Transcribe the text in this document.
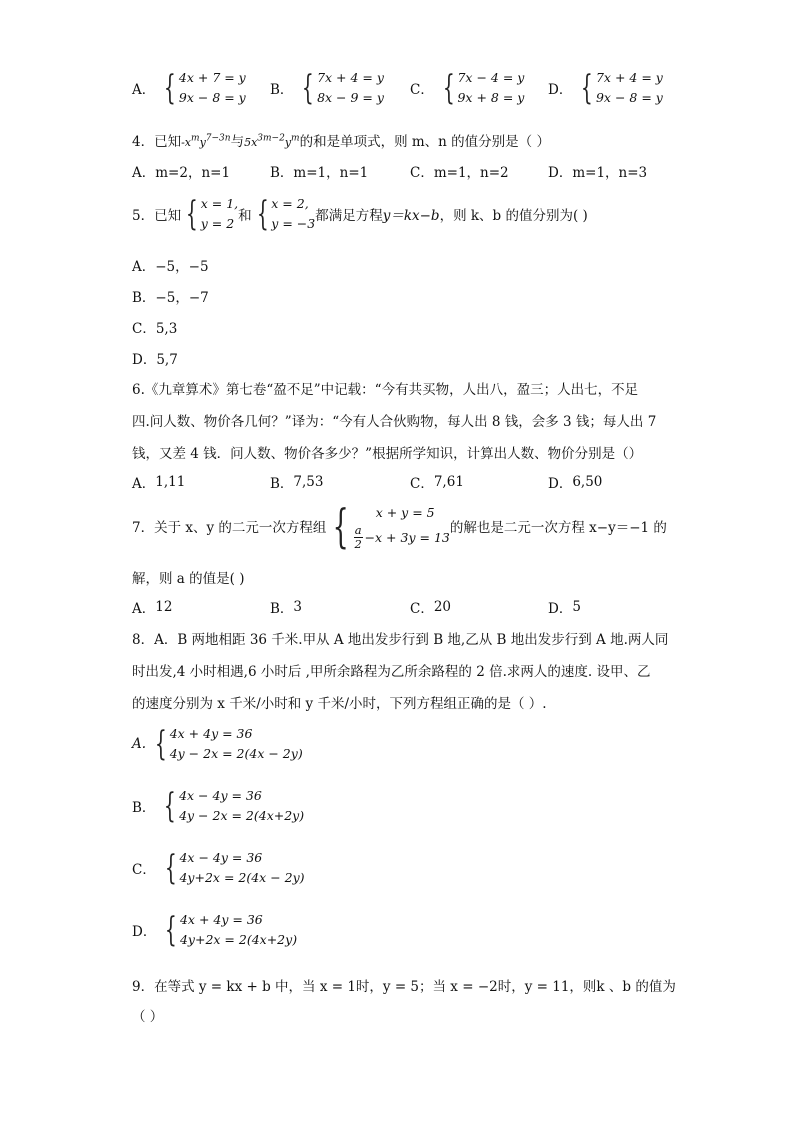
A． { 4x + 7 = y
9x − 8 = y B． { 7x + 4 = y
8x − 9 = y C． { 7x − 4 = y
9x + 8 = y D． { 7x + 4 = y
9x − 8 = y
4．已知$-x^my^{7-3n}$与$5x^{3m-2}y^m$的和是单项式，则 m、n 的值分别是（ ）
A． m=2，n=1	B． m=1，n=1	C． m=1，n=2	D． m=1，n=3
5．已知 { x = 1,
y = 2 和 { x = 2,
y = −3 都满足方程 y＝kx−b ，则 k、b 的值分别为( )
A．−5，−5
B．−5，−7
C．5,3
D．5,7
6.《九章算术》第七卷“盈不足”中记载：“今有共买物，人出八，盈三；人出七，不足
四.问人数、物价各几何？”译为：“今有人合伙购物，每人出 8 钱，会多 3 钱；每人出 7
钱，又差 4 钱．问人数、物价各多少？”根据所学知识，计算出人数、物价分别是（）
A． 1,11	B． 7,53	C． 7,61	D． 6,50
7．关于 x、y 的二元一次方程组 {	x + y = 5
a
2 −x + 3y = 13
的解也是二元一次方程 x−y＝−1 的
解，则 a 的值是( )
A． 12	B． 3	C． 20	D． 5
8．A．B 两地相距 36 千米.甲从 A 地出发步行到 B 地,乙从 B 地出发步行到 A 地.两人同
时出发,4 小时相遇,6 小时后 ,甲所余路程为乙所余路程的 2 倍.求两人的速度. 设甲、乙
的速度分别为 x 千米/小时和 y 千米/小时，下列方程组正确的是（ ）.
A. { 4x + 4y = 36
4y − 2x = 2(4x − 2y)
B． { 4x − 4y = 36
4y − 2x = 2(4x+2y)
C． { 4x − 4y = 36
4y+2x = 2(4x − 2y)
D． { 4x + 4y = 36
4y+2x = 2(4x+2y)
9．在等式 y = kx + b 中，当 x = 1时，y = 5；当 x = −2时，y = 11，则k 、b 的值为
（ ）
